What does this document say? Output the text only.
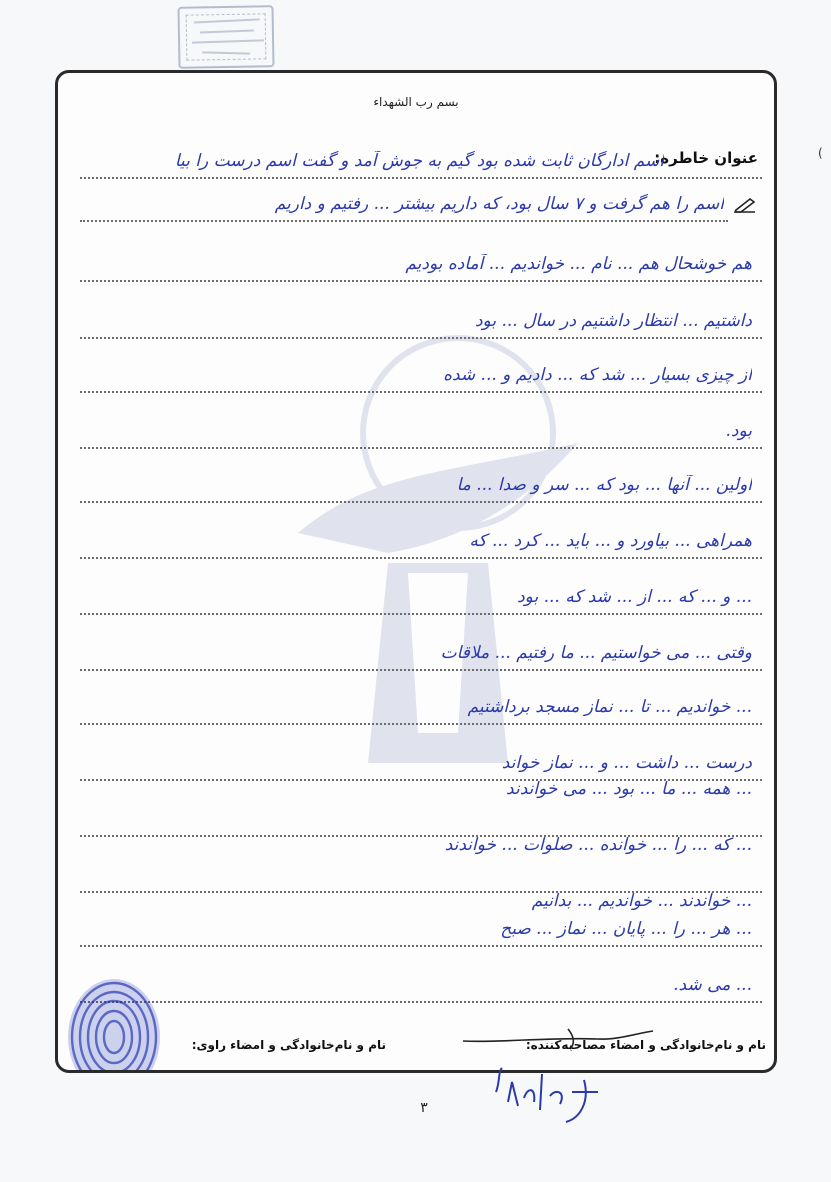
(
بسم رب الشهداء
عنوان خاطره:
اسم ادارگان ثابت شده بود گیم به جوش آمد و گفت اسم درست را بیا
اسم را هم گرفت و ۷ سال بود، که داریم بیشتر ... رفتیم و داریم
هم خوشحال هم ... نام ... خواندیم ... آماده بودیم
داشتیم ... انتظار داشتیم در سال ... بود
از چیزی بسیار ... شد که ... دادیم و ... شده
بود.
اولین ... آنها ... بود که ... سر و صدا ... ما
همراهی ... بیاورد و ... باید ... کرد ... که
... و ... که ... از ... شد که ... بود
وقتی ... می خواستیم ... ما رفتیم ... ملاقات
... خواندیم ... تا ... نماز مسجد برداشتیم
درست ... داشت ... و ... نماز خواند
... همه ... ما ... بود ... می خواندند
... که ... را ... خوانده ... صلوات ... خواندند
... خواندند ... خواندیم ... بدانیم
... هر ... را ... پایان ... نماز ... صبح
... می شد.
نام و نام‌خانوادگی و امضاء مصاحبه‌کننده:
نام و نام‌خانوادگی و امضاء راوی:
۳
